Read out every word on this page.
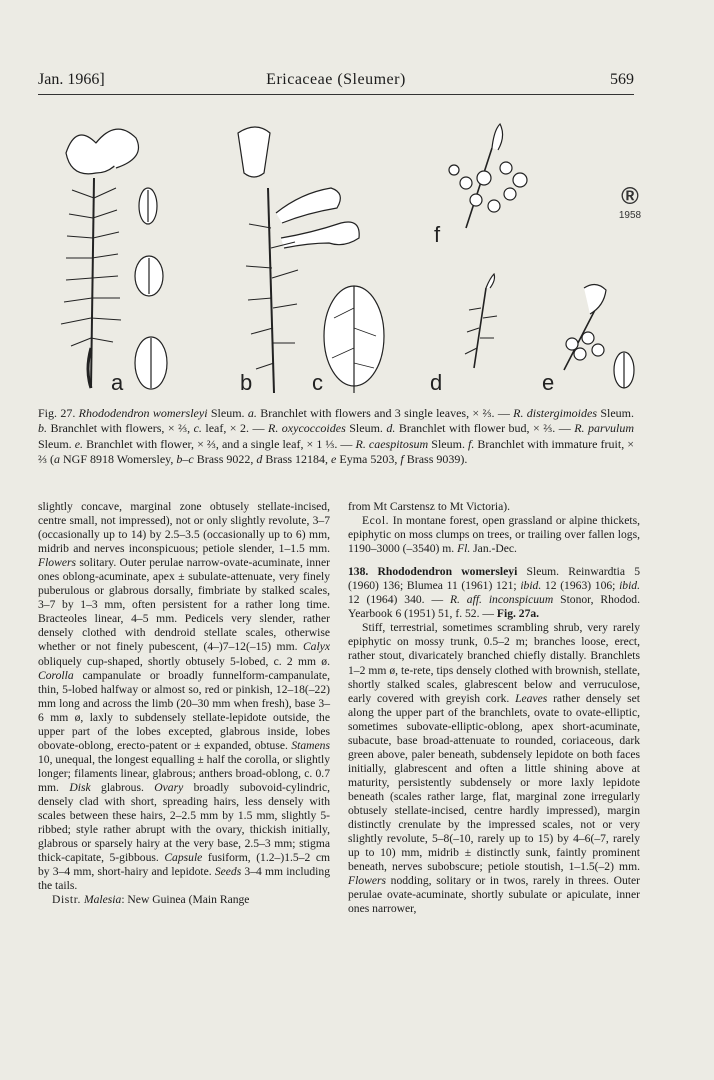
Jan. 1966]	Ericaceae (Sleumer)	569
a	b	c	d	e
f
®
1958
Fig. 27. Rhododendron womersleyi Sleum. a. Branchlet with flowers and 3 single leaves, × ⅔. — R. distergimoides Sleum. b. Branchlet with flowers, × ⅔, c. leaf, × 2. — R. oxycoccoides Sleum. d. Branchlet with flower bud, × ⅔. — R. parvulum Sleum. e. Branchlet with flower, × ⅔, and a single leaf, × 1 ⅓. — R. caespitosum Sleum. f. Branchlet with immature fruit, × ⅔ (a NGF 8918 Womersley, b–c Brass 9022, d Brass 12184, e Eyma 5203, f Brass 9039).

slightly concave, marginal zone obtusely stellate-incised, centre small, not impressed), not or only slightly revolute, 3–7 (occasionally up to 14) by 2.5–3.5 (occasionally up to 6) mm, midrib and nerves inconspicuous; petiole slender, 1–1.5 mm. Flowers solitary. Outer perulae narrow-ovate-acuminate, inner ones oblong-acuminate, apex ± subulate-attenuate, very finely puberulous or glabrous dorsally, fimbriate by stalked scales, 3–7 by 1–3 mm, often persistent for a rather long time. Bracteoles linear, 4–5 mm. Pedicels very slender, rather densely clothed with dendroid stellate scales, otherwise whether or not finely pubescent, (4–)7–12(–15) mm. Calyx obliquely cup-shaped, shortly obtusely 5-lobed, c. 2 mm ø. Corolla campanulate or broadly funnelform-campanulate, thin, 5-lobed halfway or almost so, red or pinkish, 12–18(–22) mm long and across the limb (20–30 mm when fresh), base 3–6 mm ø, laxly to subdensely stellate-lepidote outside, the upper part of the lobes excepted, glabrous inside, lobes obovate-oblong, erecto-patent or ± expanded, obtuse. Stamens 10, unequal, the longest equalling ± half the corolla, or slightly longer; filaments linear, glabrous; anthers broad-oblong, c. 0.7 mm. Disk glabrous. Ovary broadly subovoid-cylindric, densely clad with short, spreading hairs, less densely with scales between these hairs, 2–2.5 mm by 1.5 mm, slightly 5-ribbed; style rather abrupt with the ovary, thickish initially, glabrous or sparsely hairy at the very base, 2.5–3 mm; stigma thick-capitate, 5-gibbous. Capsule fusiform, (1.2–)1.5–2 cm by 3–4 mm, short-hairy and lepidote. Seeds 3–4 mm including the tails.

Distr. Malesia: New Guinea (Main Range

from Mt Carstensz to Mt Victoria).

Ecol. In montane forest, open grassland or alpine thickets, epiphytic on moss clumps on trees, or trailing over fallen logs, 1190–3000 (–3540) m. Fl. Jan.-Dec.

138. Rhododendron womersleyi Sleum. Reinwardtia 5 (1960) 136; Blumea 11 (1961) 121; ibid. 12 (1963) 106; ibid. 12 (1964) 340. — R. aff. inconspicuum Stonor, Rhodod. Yearbook 6 (1951) 51, f. 52. — Fig. 27a.

Stiff, terrestrial, sometimes scrambling shrub, very rarely epiphytic on mossy trunk, 0.5–2 m; branches loose, erect, rather stout, divaricately branched chiefly distally. Branchlets 1–2 mm ø, te-rete, tips densely clothed with brownish, stellate, shortly stalked scales, glabrescent below and verruculose, early covered with greyish cork. Leaves rather densely set along the upper part of the branchlets, ovate to ovate-elliptic, sometimes subovate-elliptic-oblong, apex short-acuminate, subacute, base broad-attenuate to rounded, coriaceous, dark green above, paler beneath, subdensely lepidote on both faces initially, glabrescent and often a little shining above at maturity, persistently subdensely or more laxly lepidote beneath (scales rather large, flat, marginal zone irregularly obtusely stellate-incised, centre hardly impressed), margin distinctly crenulate by the impressed scales, not or very slightly revolute, 5–8(–10, rarely up to 15) by 4–6(–7, rarely up to 10) mm, midrib ± distinctly sunk, faintly prominent beneath, nerves subobscure; petiole stoutish, 1–1.5(–2) mm. Flowers nodding, solitary or in twos, rarely in threes. Outer perulae ovate-acuminate, shortly subulate or apiculate, inner ones narrower,
